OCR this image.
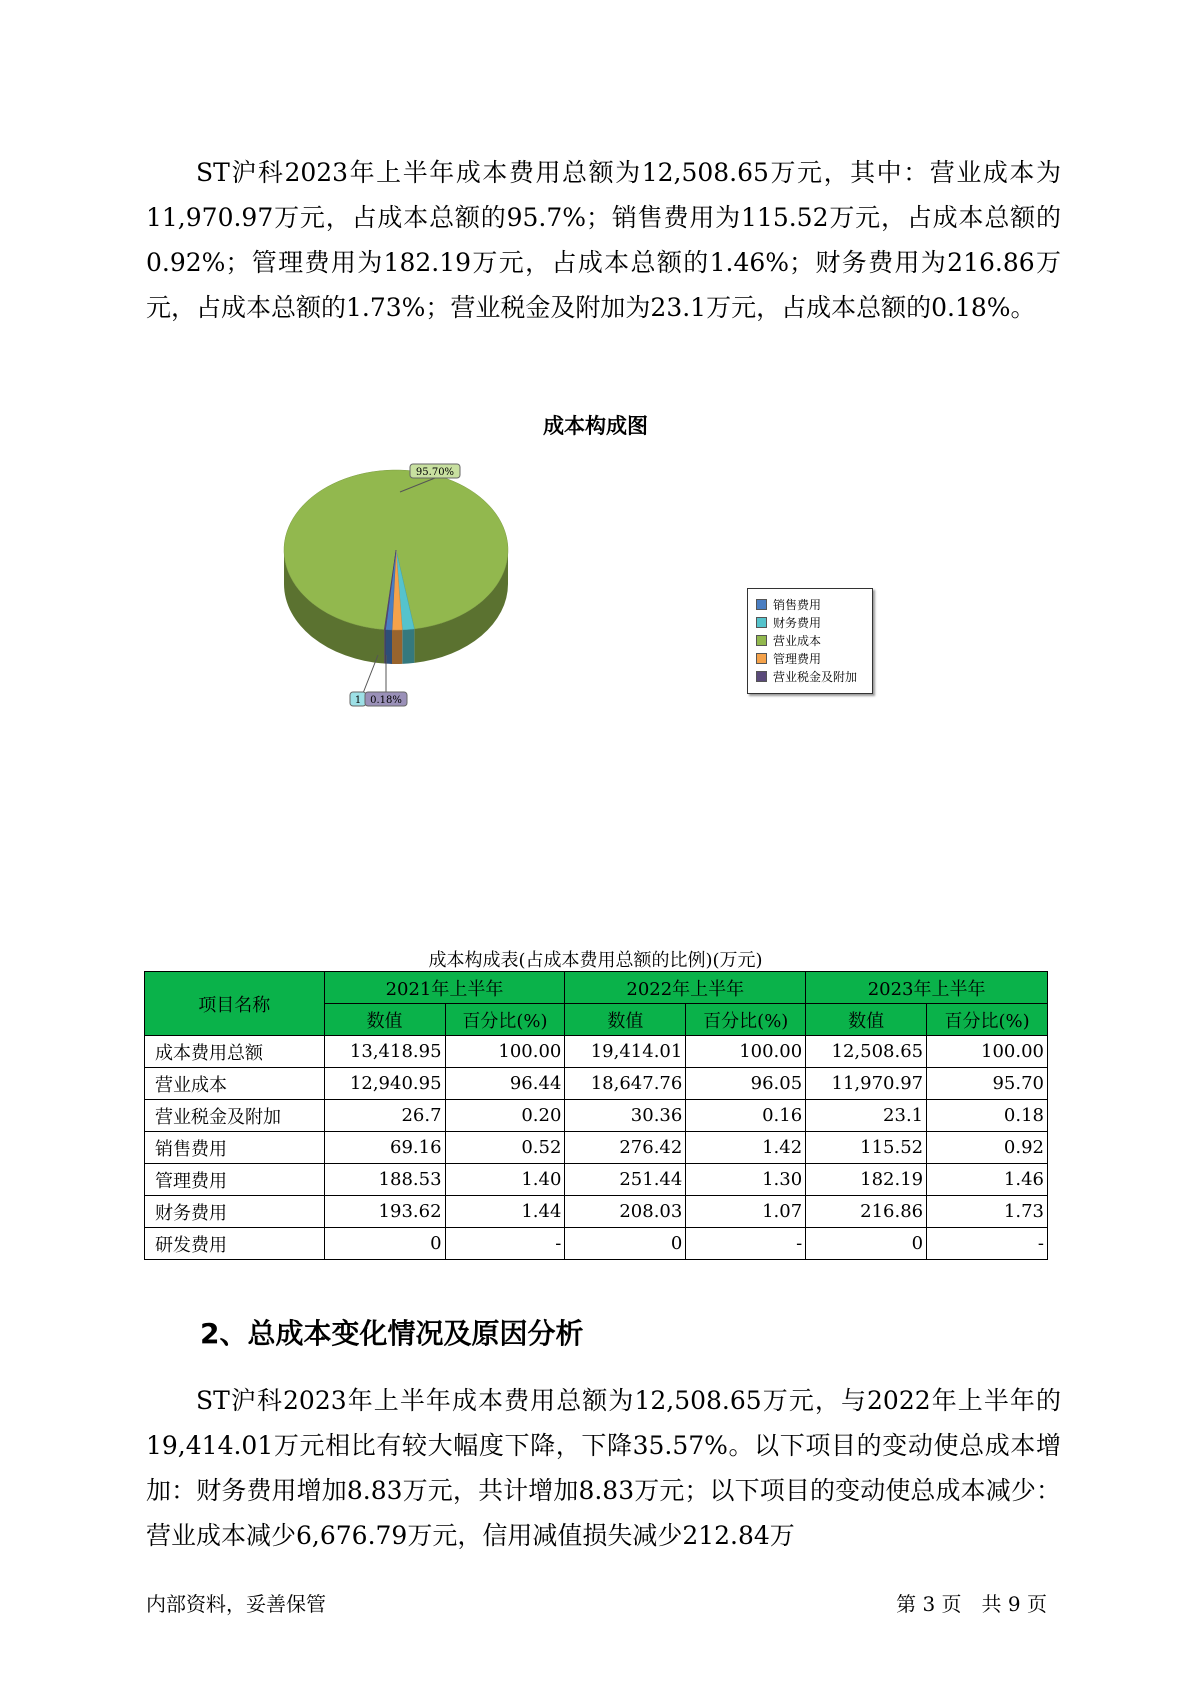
ST沪科2023年上半年成本费用总额为12,508.65万元，其中：营业成本为11,970.97万元，占成本总额的95.7%；销售费用为115.52万元，占成本总额的0.92%；管理费用为182.19万元，占成本总额的1.46%；财务费用为216.86万元，占成本总额的1.73%；营业税金及附加为23.1万元，占成本总额的0.18%。

成本构成图
95.70%
1 0.18%
销售费用
财务费用
营业成本
管理费用
营业税金及附加
成本构成表(占成本费用总额的比例)(万元)
项目名称	2021年上半年		2022年上半年		2023年上半年	
	数值	百分比(%)	数值	百分比(%)	数值	百分比(%)
成本费用总额	13,418.95	100.00	19,414.01	100.00	12,508.65	100.00
营业成本	12,940.95	96.44	18,647.76	96.05	11,970.97	95.70
营业税金及附加	26.7	0.20	30.36	0.16	23.1	0.18
销售费用	69.16	0.52	276.42	1.42	115.52	0.92
管理费用	188.53	1.40	251.44	1.30	182.19	1.46
财务费用	193.62	1.44	208.03	1.07	216.86	1.73
研发费用	0	-	0	-	0	-
2、总成本变化情况及原因分析

ST沪科2023年上半年成本费用总额为12,508.65万元，与2022年上半年的19,414.01万元相比有较大幅度下降，下降35.57%。以下项目的变动使总成本增加：财务费用增加8.83万元，共计增加8.83万元；以下项目的变动使总成本减少：营业成本减少6,676.79万元，信用减值损失减少212.84万

内部资料，妥善保管	第 3 页　共 9 页
